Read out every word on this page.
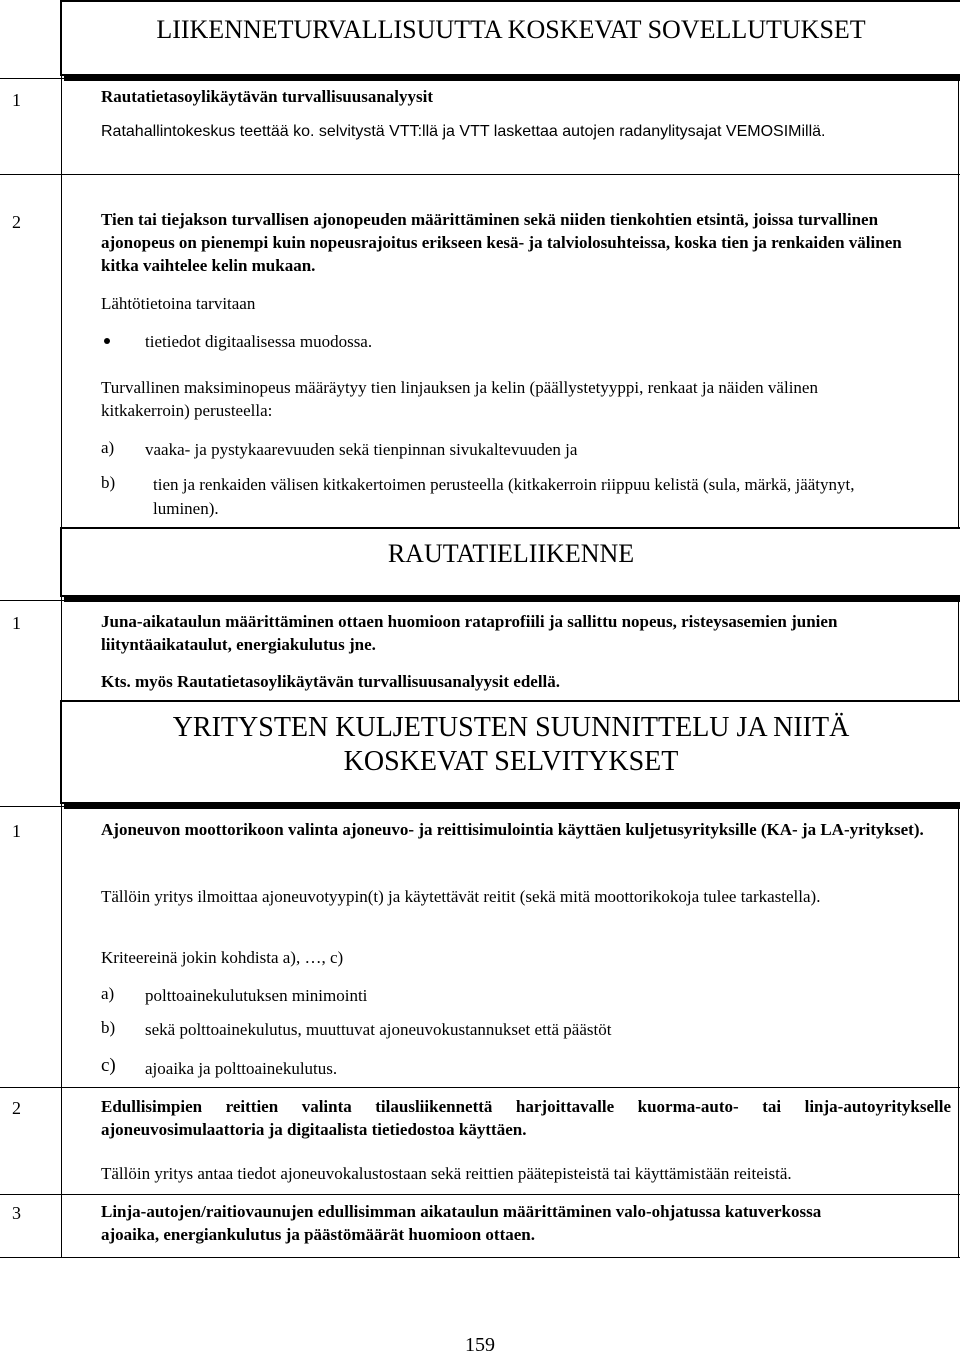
LIIKENNETURVALLISUUTTA KOSKEVAT SOVELLUTUKSET
1	Rautatietasoylikäytävän turvallisuusanalyysit

Ratahallintokeskus teettää ko. selvitystä VTT:llä ja VTT laskettaa autojen radanylitysajat VEMOSIMillä.

2	Tien tai tiejakson turvallisen ajonopeuden määrittäminen sekä niiden tienkohtien etsintä, joissa turvallinen ajonopeus on pienempi kuin nopeusrajoitus erikseen kesä- ja talviolosuhteissa, koska tien ja renkaiden välinen kitka vaihtelee kelin mukaan.

Lähtötietoina tarvitaan

tietiedot digitaalisessa muodossa.

Turvallinen maksiminopeus määräytyy tien linjauksen ja kelin (päällystetyyppi, renkaat ja näiden välinen kitkakerroin) perusteella:

a) vaaka- ja pystykaarevuuden sekä tienpinnan sivukaltevuuden ja

b) tien ja renkaiden välisen kitkakertoimen perusteella (kitkakerroin riippuu kelistä (sula, märkä, jäätynyt, luminen).

RAUTATIELIIKENNE
1	Juna-aikataulun määrittäminen ottaen huomioon rataprofiili ja sallittu nopeus, risteysasemien junien liityntäaikataulut, energiakulutus jne.

Kts. myös Rautatietasoylikäytävän turvallisuusanalyysit edellä.

YRITYSTEN KULJETUSTEN SUUNNITTELU JA NIITÄ
KOSKEVAT SELVITYKSET
1	Ajoneuvon moottorikoon valinta ajoneuvo- ja reittisimulointia käyttäen kuljetusyrityksille (KA- ja LA-yritykset).

Tällöin yritys ilmoittaa ajoneuvotyypin(t) ja käytettävät reitit (sekä mitä moottorikokoja tulee tarkastella).

Kriteereinä jokin kohdista a), …, c)

a) polttoainekulutuksen minimointi

b) sekä polttoainekulutus, muuttuvat ajoneuvokustannukset että päästöt

c) ajoaika ja polttoainekulutus.

2	Edullisimpien reittien valinta tilausliikennettä harjoittavalle kuorma-auto- tai linja-autoyritykselle ajoneuvosimulaattoria ja digitaalista tietiedostoa käyttäen.

Tällöin yritys antaa tiedot ajoneuvokalustostaan sekä reittien päätepisteistä tai käyttämistään reiteistä.

3	Linja-autojen/raitiovaunujen edullisimman aikataulun määrittäminen valo-ohjatussa katuverkossa ajoaika, energiankulutus ja päästömäärät huomioon ottaen.

159
